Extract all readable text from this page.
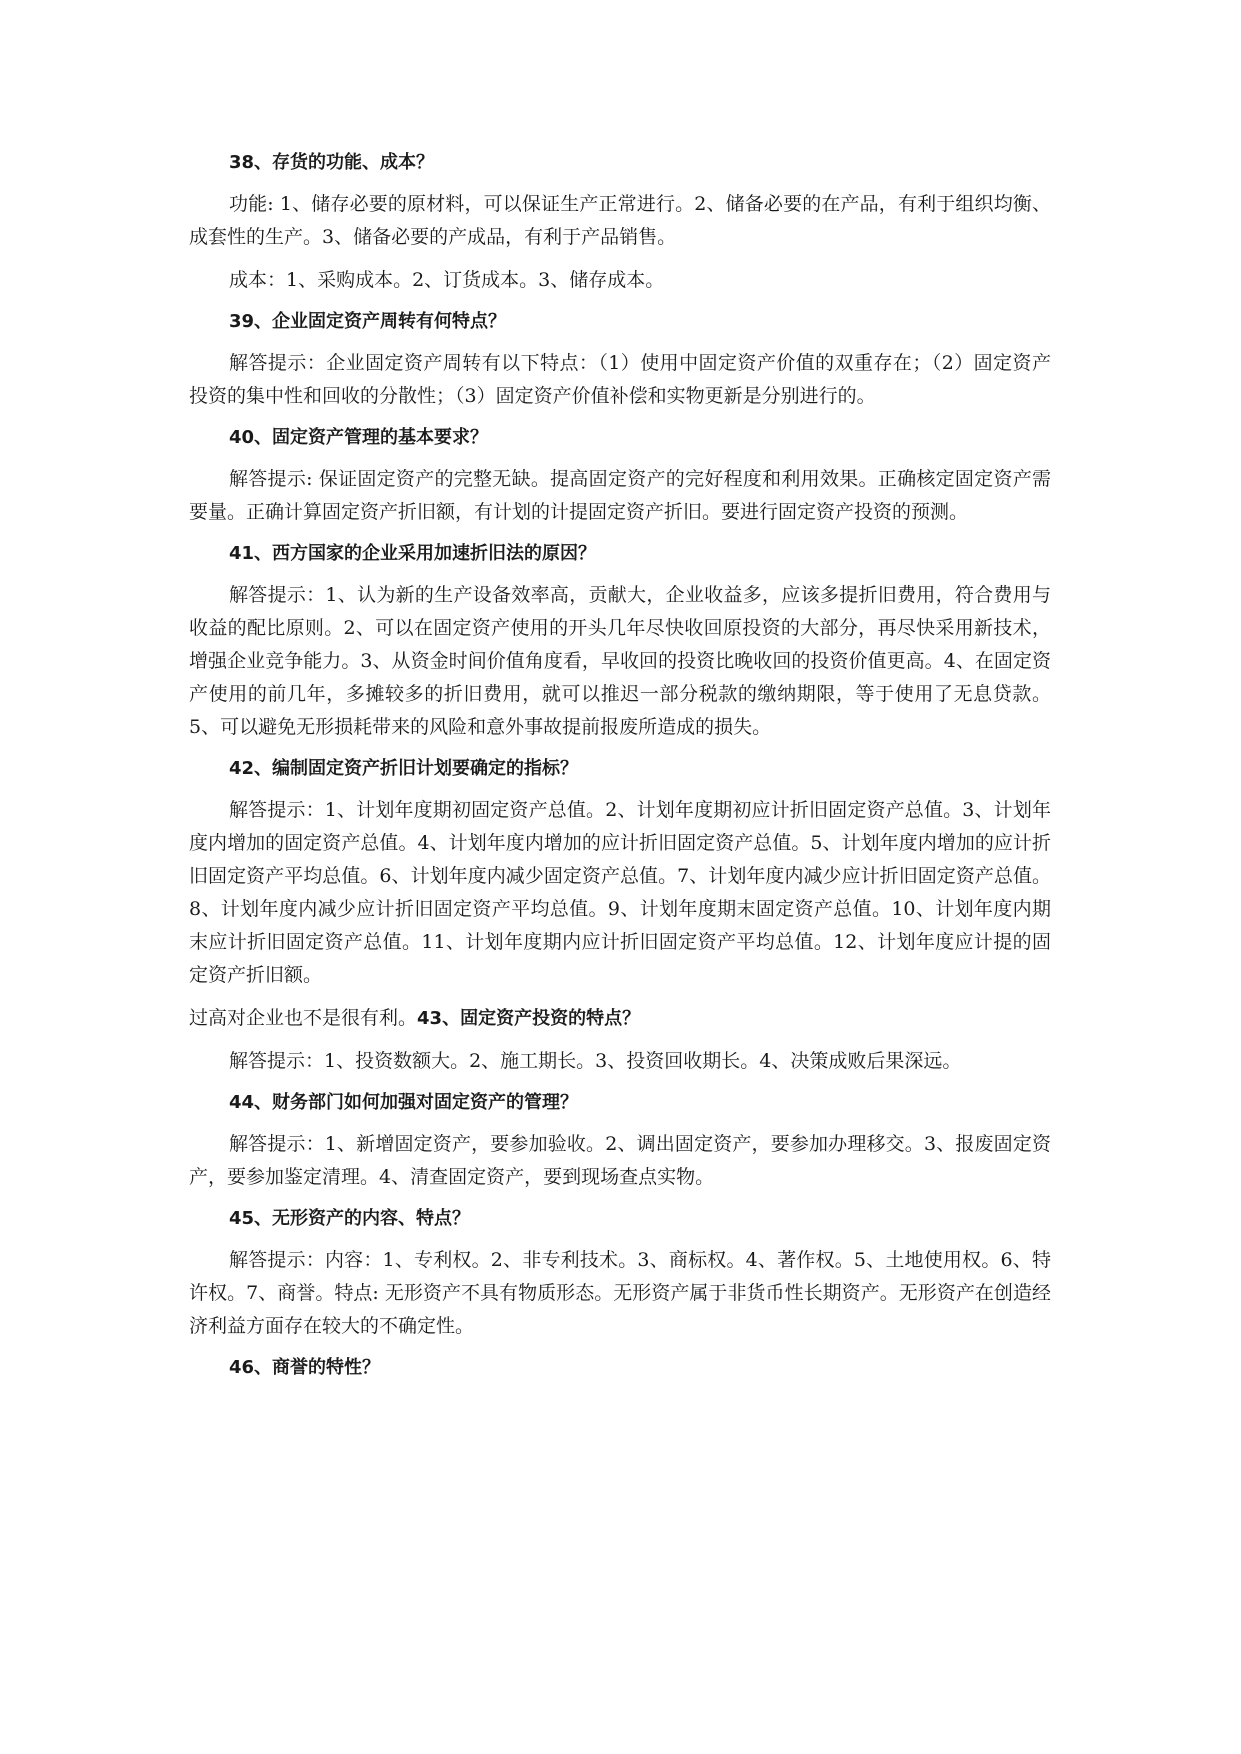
38、存货的功能、成本？
功能: 1、储存必要的原材料，可以保证生产正常进行。2、储备必要的在产品，有利于组织均衡、成套性的生产。3、储备必要的产成品，有利于产品销售。
成本：1、采购成本。2、订货成本。3、储存成本。
39、企业固定资产周转有何特点？
解答提示：企业固定资产周转有以下特点：（1）使用中固定资产价值的双重存在；（2）固定资产投资的集中性和回收的分散性；（3）固定资产价值补偿和实物更新是分别进行的。
40、固定资产管理的基本要求？
解答提示: 保证固定资产的完整无缺。提高固定资产的完好程度和利用效果。正确核定固定资产需要量。正确计算固定资产折旧额，有计划的计提固定资产折旧。要进行固定资产投资的预测。
41、西方国家的企业采用加速折旧法的原因？
解答提示：1、认为新的生产设备效率高，贡献大，企业收益多，应该多提折旧费用，符合费用与收益的配比原则。2、可以在固定资产使用的开头几年尽快收回原投资的大部分，再尽快采用新技术，增强企业竞争能力。3、从资金时间价值角度看，早收回的投资比晚收回的投资价值更高。4、在固定资产使用的前几年，多摊较多的折旧费用，就可以推迟一部分税款的缴纳期限，等于使用了无息贷款。5、可以避免无形损耗带来的风险和意外事故提前报废所造成的损失。
42、编制固定资产折旧计划要确定的指标？
解答提示：1、计划年度期初固定资产总值。2、计划年度期初应计折旧固定资产总值。3、计划年度内增加的固定资产总值。4、计划年度内增加的应计折旧固定资产总值。5、计划年度内增加的应计折旧固定资产平均总值。6、计划年度内减少固定资产总值。7、计划年度内减少应计折旧固定资产总值。8、计划年度内减少应计折旧固定资产平均总值。9、计划年度期末固定资产总值。10、计划年度内期末应计折旧固定资产总值。11、计划年度期内应计折旧固定资产平均总值。12、计划年度应计提的固定资产折旧额。
过高对企业也不是很有利。43、固定资产投资的特点？
解答提示：1、投资数额大。2、施工期长。3、投资回收期长。4、决策成败后果深远。
44、财务部门如何加强对固定资产的管理？
解答提示：1、新增固定资产，要参加验收。2、调出固定资产，要参加办理移交。3、报废固定资产，要参加鉴定清理。4、清查固定资产，要到现场查点实物。
45、无形资产的内容、特点？
解答提示：内容：1、专利权。2、非专利技术。3、商标权。4、著作权。5、土地使用权。6、特许权。7、商誉。特点: 无形资产不具有物质形态。无形资产属于非货币性长期资产。无形资产在创造经济利益方面存在较大的不确定性。
46、商誉的特性？
